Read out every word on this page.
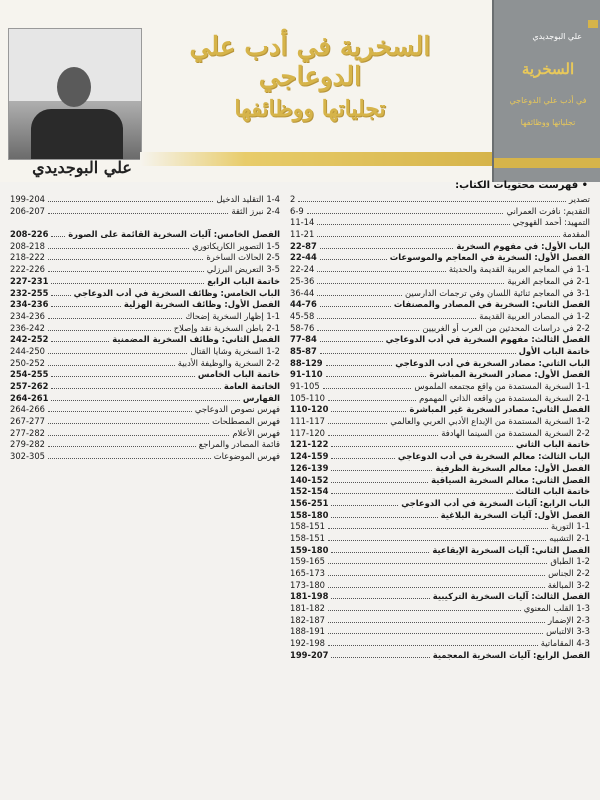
علي البوجديدي
السخرية في أدب علي الدوعاجي
تجلياتها ووظائفها
علي البوجديدي
السخرية
في أدب علي الدوعاجي
تجلياتها ووظائفها
• فهرست محتويات الكتاب:
تصدير
2
التقديم: نافرت العمراني
6-9
التمهيد: أحمد القهوجي
11-14
المقدمة
11-21
الباب الأول: في مفهوم السخرية
22-87
الفصل الأول: السخرية في المعاجم والموسوعات
22-44
1-1 في المعاجم العربية القديمة والحديثة
22-24
2-1 في المعاجم الغربية
25-36
3-1 في المعاجم ثنائية اللسان وفي ترجمات الدارسين
36-44
الفصل الثاني: السخرية في المصادر والمصنفات
44-76
1-2 في المصادر العربية القديمة
45-58
2-2 في دراسات المحدثين من العرب أو الغربيين
58-76
الفصل الثالث: مفهوم السخرية في أدب الدوعاجي
77-84
خاتمة الباب الأول
85-87
الباب الثاني: مصادر السخرية في أدب الدوعاجي
88-129
الفصل الأول: مصادر السخرية المباشرة
91-110
1-1 السخرية المستمدة من واقع مجتمعه الملموس
91-105
2-1 السخرية المستمدة من واقعه الذاتي المهموم
105-110
الفصل الثاني: مصادر السخرية غير المباشرة
110-120
1-2 السخرية المستمدة من الإبداع الأدبي العربي والعالمي
111-117
2-2 السخرية المستمدة من السينما الهادفة
117-120
خاتمة الباب الثاني
121-122
الباب الثالث: معالم السخرية في أدب الدوعاجي
124-159
الفصل الأول: معالم السخرية الظرفية
126-139
الفصل الثاني: معالم السخرية السياقية
140-152
خاتمة الباب الثالث
152-154
الباب الرابع: آليات السخرية في أدب الدوعاجي
156-251
الفصل الأول: آليات السخرية البلاغية
158-180
1-1 التورية
158-151
2-1 التشبيه
158-151
الفصل الثاني: آليات السخرية الإيقاعية
159-180
1-2 الطباق
159-165
2-2 الجناس
165-173
3-2 المبالغة
173-180
الفصل الثالث: آليات السخرية التركيبية
181-198
1-3 القلب المعنوي
181-182
2-3 الإضمار
182-187
3-3 الالتباس
188-191
4-3 المقاماتية
192-198
الفصل الرابع: آليات السخرية المعجمية
199-207
1-4 التقليد الدخيل
199-204
2-4 نبرز الثقة
206-207
الفصل الخامس: آليات السخرية القائمة على الصورة
208-226
1-5 التصوير الكاريكاتوري
208-218
2-5 الحالات الساخرة
218-222
3-5 التعريض البرزلي
222-226
خاتمة الباب الرابع
227-231
الباب الخامس: وظائف السخرية في أدب الدوعاجي
232-255
الفصل الأول: وظائف السخرية الهزلية
234-236
1-1 إظهار السخرية إضحاك
234-236
2-1 باطن السخرية نقد وإصلاح
236-242
الفصل الثاني: وظائف السخرية المضمنية
242-252
1-2 السخرية وشايا القتال
244-250
2-2 السخرية والوظيفة الأدبية
250-252
خاتمة الباب الخامس
254-255
الخاتمة العامة
257-262
الفهارس
264-261
فهرس نصوص الدوعاجي
264-266
فهرس المصطلحات
267-277
فهرس الأعلام
277-282
قائمة المصادر والمراجع
279-282
فهرس الموضوعات
302-305
